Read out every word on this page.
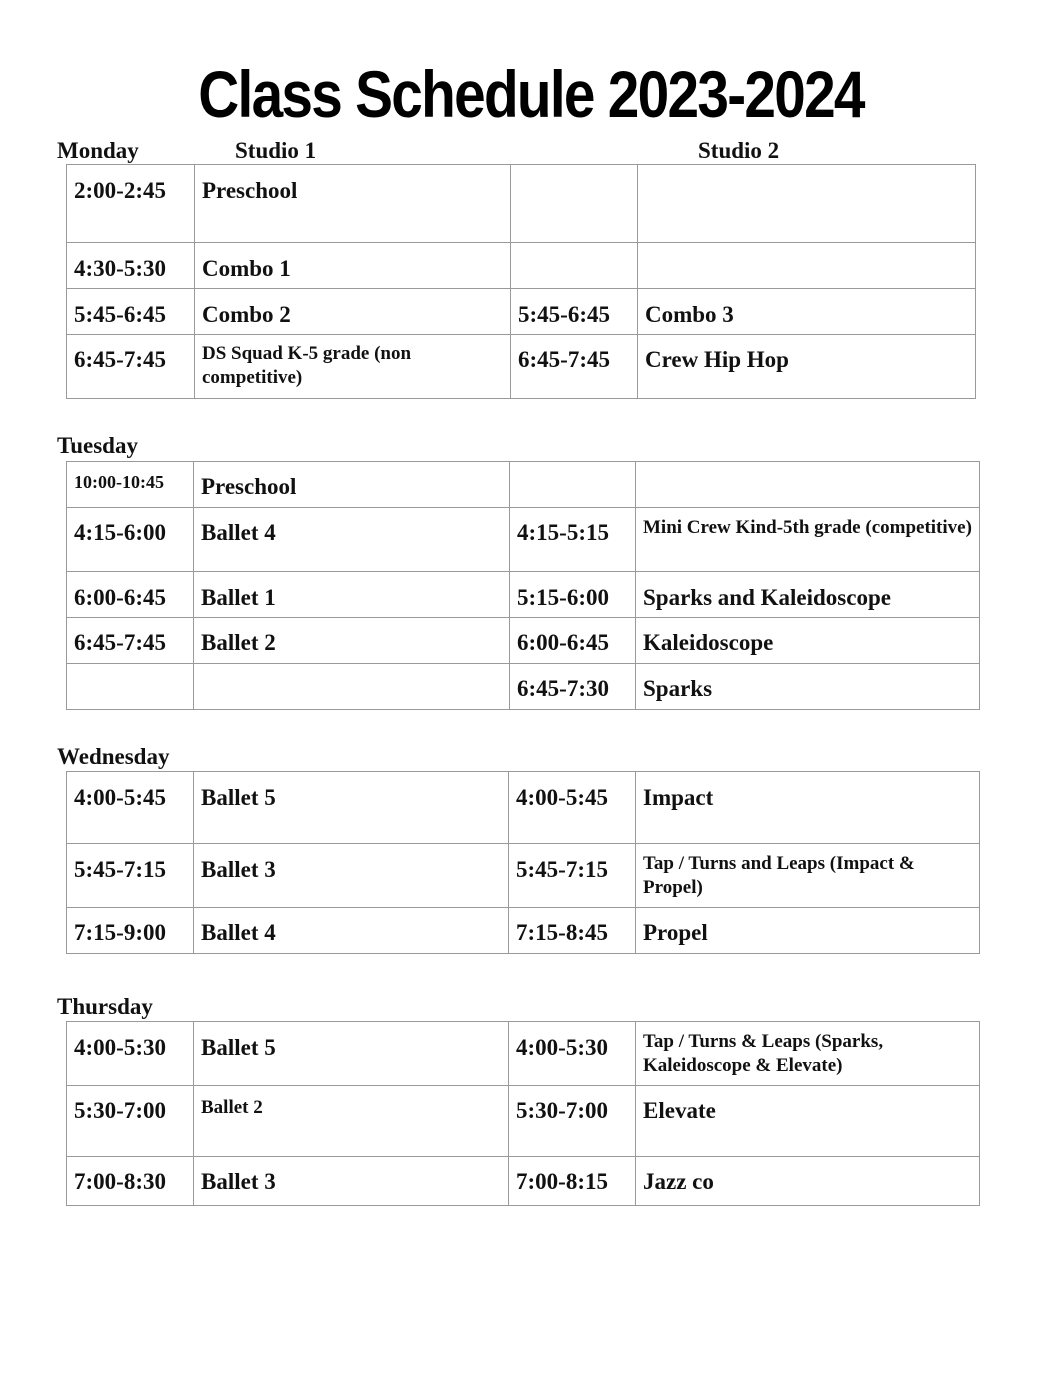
Class Schedule 2023-2024
Monday	Studio 1	Studio 2
2:00-2:45	Preschool		
4:30-5:30	Combo 1		
5:45-6:45	Combo 2	5:45-6:45	Combo 3
6:45-7:45	DS Squad K-5 grade (non competitive)	6:45-7:45	Crew Hip Hop
Tuesday
10:00-10:45	Preschool		
4:15-6:00	Ballet 4	4:15-5:15	Mini Crew Kind-5th grade (competitive)
6:00-6:45	Ballet 1	5:15-6:00	Sparks and Kaleidoscope
6:45-7:45	Ballet 2	6:00-6:45	Kaleidoscope
		6:45-7:30	Sparks
Wednesday
4:00-5:45	Ballet 5	4:00-5:45	Impact
5:45-7:15	Ballet 3	5:45-7:15	Tap / Turns and Leaps (Impact & Propel)
7:15-9:00	Ballet 4	7:15-8:45	Propel
Thursday
4:00-5:30	Ballet 5	4:00-5:30	Tap / Turns & Leaps (Sparks, Kaleidoscope & Elevate)
5:30-7:00	Ballet 2	5:30-7:00	Elevate
7:00-8:30	Ballet 3	7:00-8:15	Jazz co
